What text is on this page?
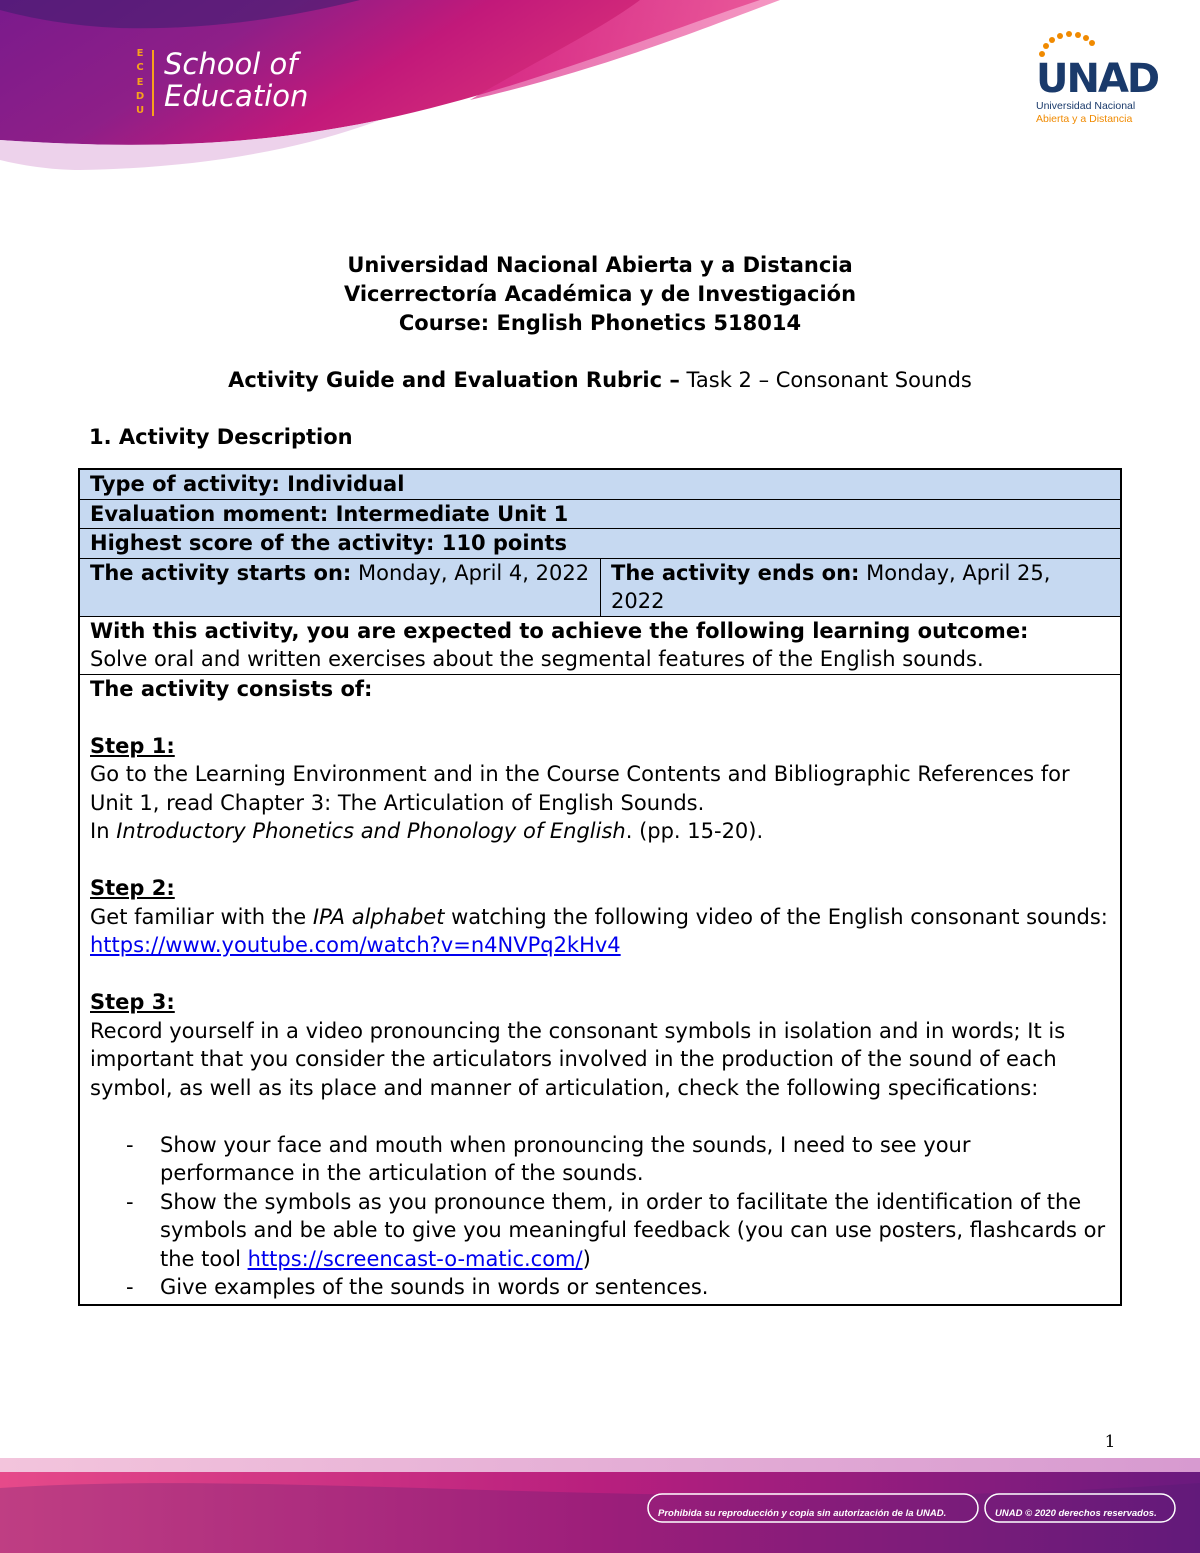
E
C
E
D
U
School of
Education	UNAD
Universidad Nacional
Abierta y a Distancia
Universidad Nacional Abierta y a Distancia
Vicerrectoría Académica y de Investigación
Course: English Phonetics 518014
Activity Guide and Evaluation Rubric – Task 2 – Consonant Sounds
1. Activity Description
Type of activity: Individual
Evaluation moment: Intermediate Unit 1
Highest score of the activity: 110 points
The activity starts on: Monday, April 4, 2022	The activity ends on: Monday, April 25, 2022

With this activity, you are expected to achieve the following learning outcome:

Solve oral and written exercises about the segmental features of the English sounds.

The activity consists of:

Step 1:

Go to the Learning Environment and in the Course Contents and Bibliographic References for Unit 1, read Chapter 3: The Articulation of English Sounds.

In Introductory Phonetics and Phonology of English. (pp. 15-20).

Step 2:

Get familiar with the IPA alphabet watching the following video of the English consonant sounds:

https://www.youtube.com/watch?v=n4NVPq2kHv4

Step 3:

Record yourself in a video pronouncing the consonant symbols in isolation and in words; It is important that you consider the articulators involved in the production of the sound of each symbol, as well as its place and manner of articulation, check the following specifications:

- Show your face and mouth when pronouncing the sounds, I need to see your performance in the articulation of the sounds.
- Show the symbols as you pronounce them, in order to facilitate the identification of the symbols and be able to give you meaningful feedback (you can use posters, flashcards or the tool https://screencast-o-matic.com/)
- Give examples of the sounds in words or sentences.
1
Prohibida su reproducción y copia sin autorización de la UNAD.	UNAD © 2020 derechos reservados.
